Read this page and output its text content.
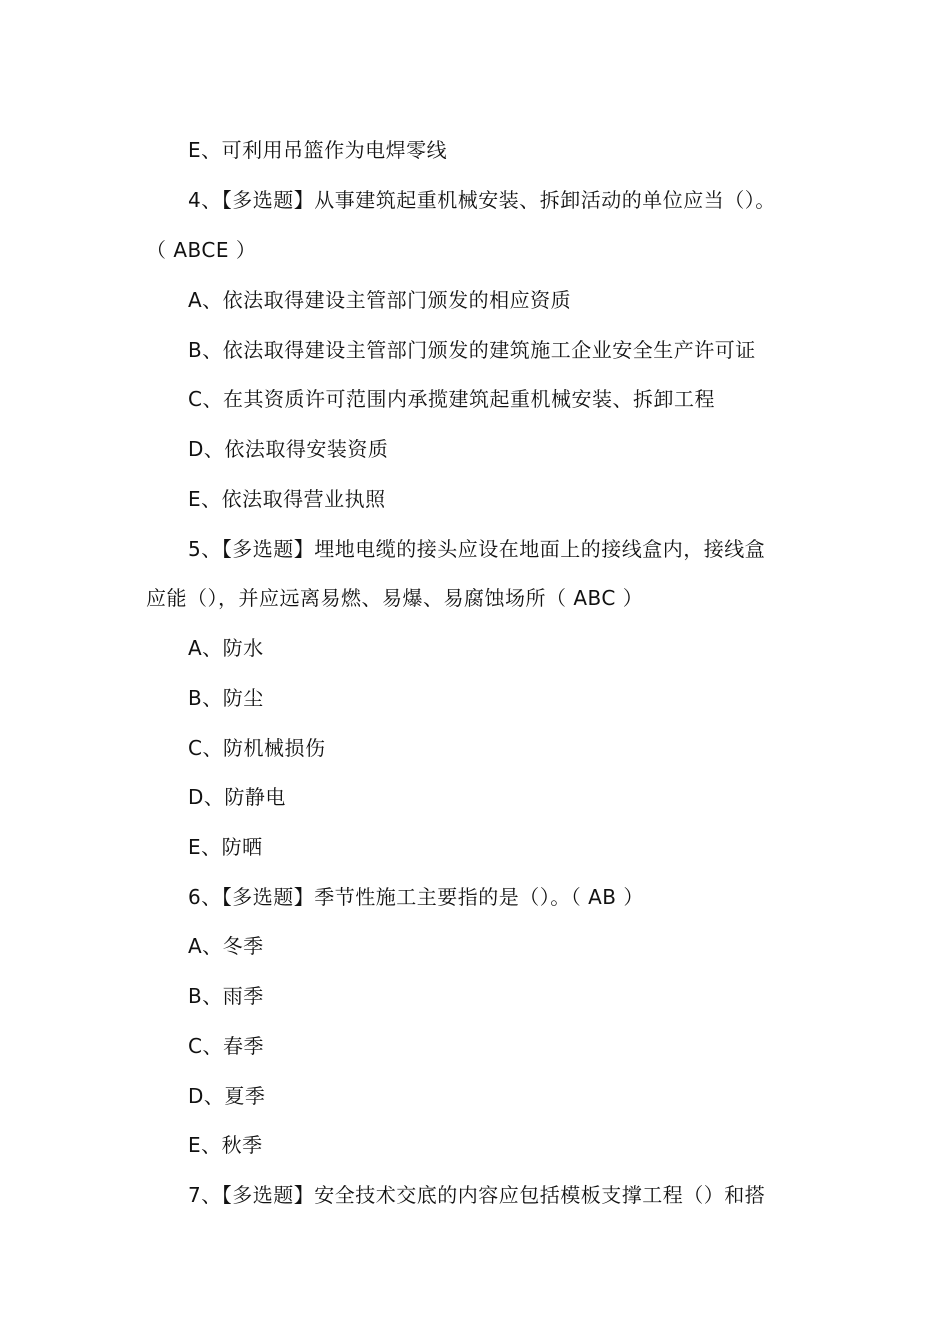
E、可利用吊篮作为电焊零线
4、【多选题】从事建筑起重机械安装、拆卸活动的单位应当（）。
（ ABCE ）
A、依法取得建设主管部门颁发的相应资质
B、依法取得建设主管部门颁发的建筑施工企业安全生产许可证
C、在其资质许可范围内承揽建筑起重机械安装、拆卸工程
D、依法取得安装资质
E、依法取得营业执照
5、【多选题】埋地电缆的接头应设在地面上的接线盒内，接线盒
应能（），并应远离易燃、易爆、易腐蚀场所（ ABC ）
A、防水
B、防尘
C、防机械损伤
D、防静电
E、防晒
6、【多选题】季节性施工主要指的是（）。（ AB ）
A、冬季
B、雨季
C、春季
D、夏季
E、秋季
7、【多选题】安全技术交底的内容应包括模板支撑工程（）和搭
